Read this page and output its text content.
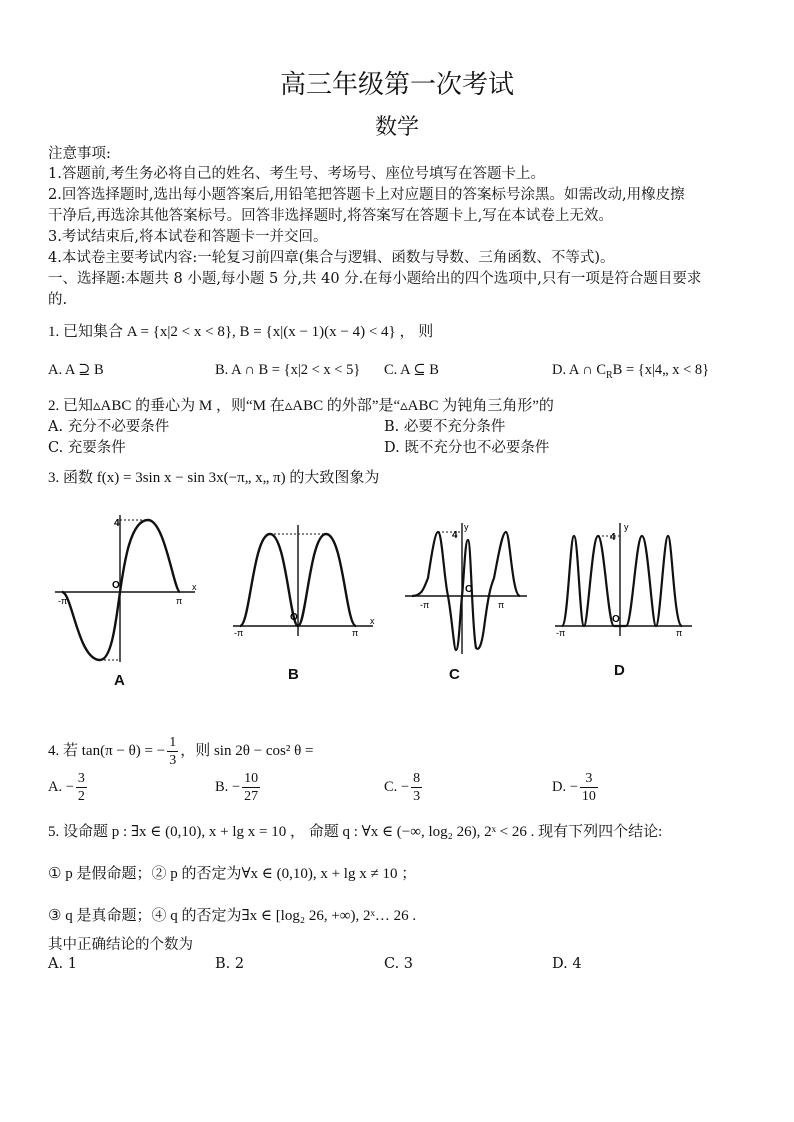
高三年级第一次考试
数学
注意事项:
1.答题前,考生务必将自己的姓名、考生号、考场号、座位号填写在答题卡上。
2.回答选择题时,选出每小题答案后,用铅笔把答题卡上对应题目的答案标号涂黑。如需改动,用橡皮擦
干净后,再选涂其他答案标号。回答非选择题时,将答案写在答题卡上,写在本试卷上无效。
3.考试结束后,将本试卷和答题卡一并交回。
4.本试卷主要考试内容:一轮复习前四章(集合与逻辑、函数与导数、三角函数、不等式)。
一、选择题:本题共 8 小题,每小题 5 分,共 40 分.在每小题给出的四个选项中,只有一项是符合题目要求
的.
1. 已知集合 A = {x|2 < x < 8}, B = {x|(x − 1)(x − 4) < 4} ， 则
A. A ⊇ B	B. A ∩ B = {x|2 < x < 5} C. A ⊆ B	D. A ∩ $C_RB$ = {x|4„ x < 8}
2. 已知▵ABC 的垂心为 M ，则“M 在▵ABC 的外部”是“▵ABC 为钝角三角形”的
A. 充分不必要条件	B. 必要不充分条件
C. 充要条件	D. 既不充分也不必要条件
3. 函数 f(x) = 3sin x − sin 3x(−π„ x„ π) 的大致图象为
4
O
-π	π
x
A
O
-π	π
x
B
4
O
-π	π
y
C
4
O
-π	π
y
D
4. 若 tan(π − θ) = − $\frac{1}{3}$ ，则 sin 2θ − cos² θ =
A. − $\frac{3}{2}$	B. − $\frac{10}{27}$	C. − $\frac{8}{3}$	D. − $\frac{3}{10}$
5. 设命题 p : ∃x ∈ (0,10), x + lg x = 10 ， 命题 q : ∀x ∈ (−∞, log₂ 26), 2ˣ < 26 . 现有下列四个结论:
① p 是假命题；② p 的否定为∀x ∈ (0,10), x + lg x ≠ 10 ；
③ q 是真命题；④ q 的否定为∃x ∈ [log₂ 26, +∞), 2ˣ… 26 .
其中正确结论的个数为
A. 1	B. 2	C. 3	D. 4
